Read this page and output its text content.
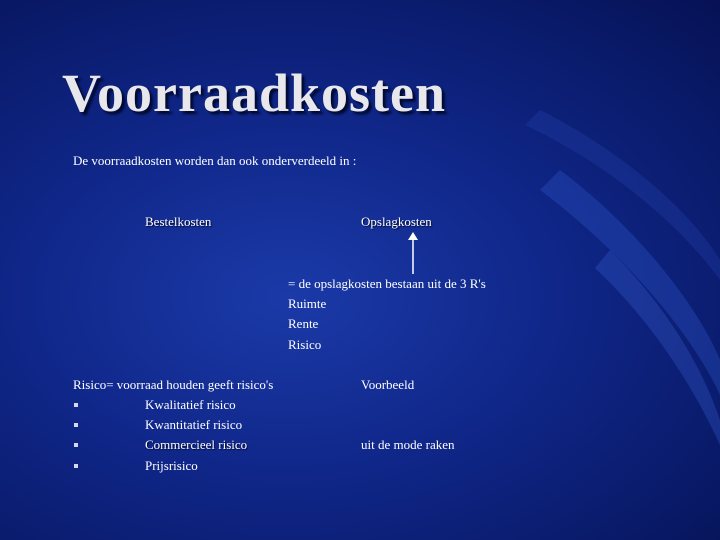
Voorraadkosten
De voorraadkosten worden dan ook onderverdeeld in :
Bestelkosten	Opslagkosten
= de opslagkosten bestaan uit de 3 R's
Ruimte
Rente
Risico
Risico= voorraad houden geeft risico's	Voorbeeld
Kwalitatief risico
Kwantitatief risico
Commercieel risico	uit de mode raken
Prijsrisico
